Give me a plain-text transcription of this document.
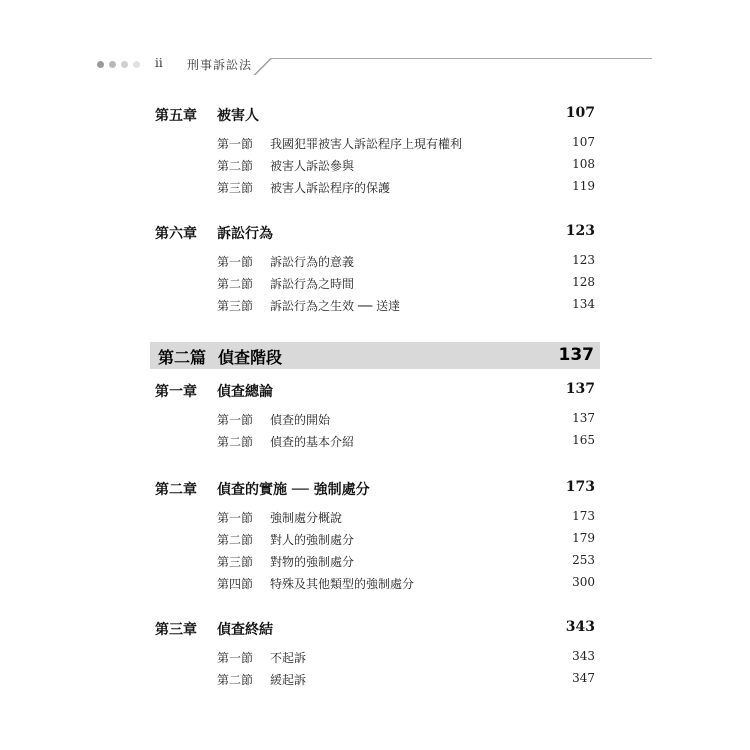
ii 刑事訴訟法
第五章 被害人	107
第一節 我國犯罪被害人訴訟程序上現有權利	107
第二節 被害人訴訟參與	108
第三節 被害人訴訟程序的保護	119
第六章 訴訟行為	123
第一節 訴訟行為的意義	123
第二節 訴訟行為之時間	128
第三節 訴訟行為之生效 ── 送達	134
第二篇 偵查階段	137
第一章 偵查總論	137
第一節 偵查的開始	137
第二節 偵查的基本介紹	165
第二章 偵查的實施 ── 強制處分	173
第一節 強制處分概說	173
第二節 對人的強制處分	179
第三節 對物的強制處分	253
第四節 特殊及其他類型的強制處分	300
第三章 偵查終結	343
第一節 不起訴	343
第二節 緩起訴	347
